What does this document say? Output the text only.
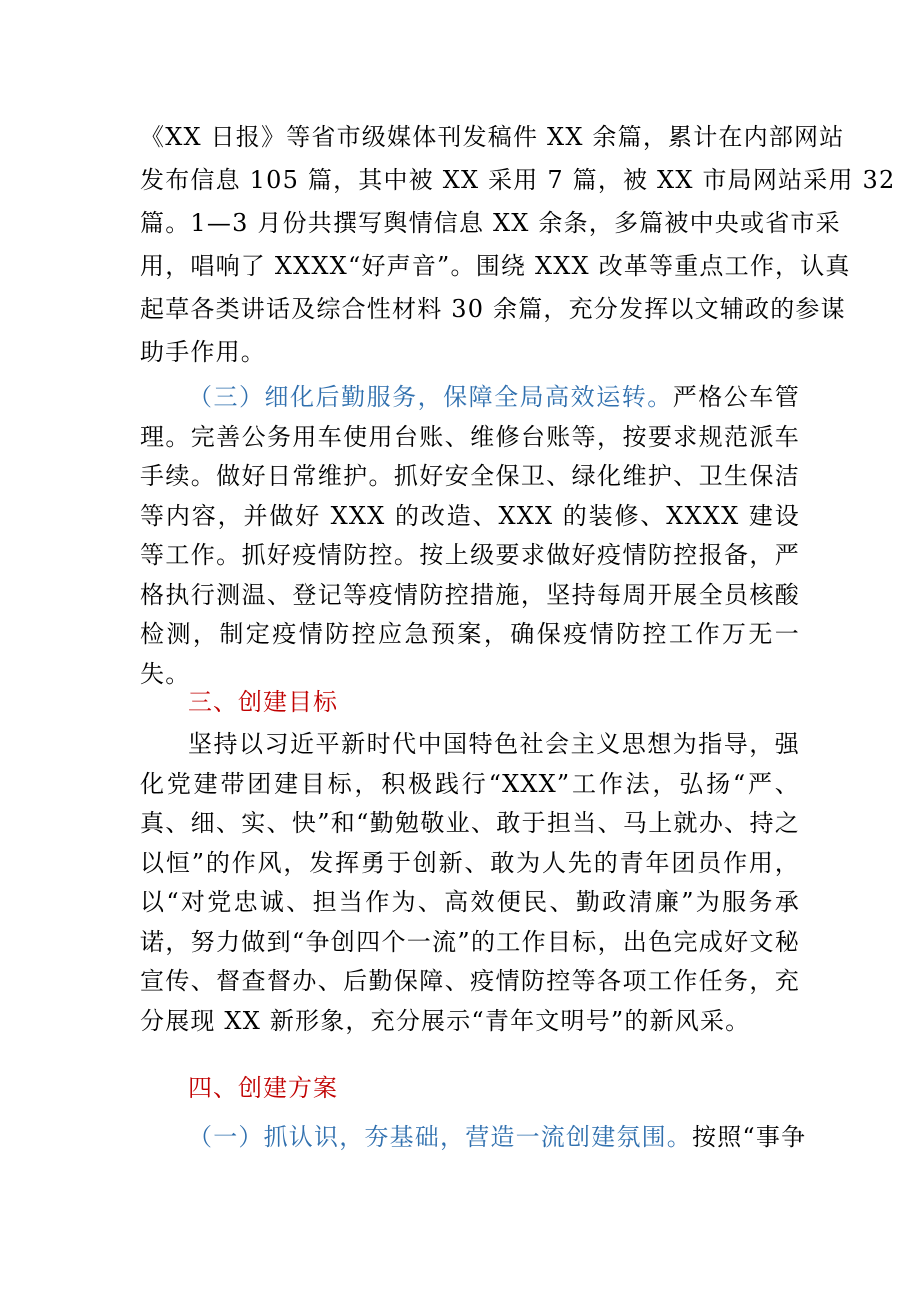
《XX 日报》等省市级媒体刊发稿件 XX 余篇，累计在内部网站
发布信息 105 篇，其中被 XX 采用 7 篇，被 XX 市局网站采用 32
篇。1—3 月份共撰写舆情信息 XX 余条，多篇被中央或省市采
用，唱响了 XXXX“好声音”。围绕 XXX 改革等重点工作，认真
起草各类讲话及综合性材料 30 余篇，充分发挥以文辅政的参谋
助手作用。
（三）细化后勤服务，保障全局高效运转。严格公车管理。完善公务用车使用台账、维修台账等，按要求规范派车手续。做好日常维护。抓好安全保卫、绿化维护、卫生保洁等内容，并做好 XXX 的改造、XXX 的装修、XXXX 建设等工作。抓好疫情防控。按上级要求做好疫情防控报备，严格执行测温、登记等疫情防控措施，坚持每周开展全员核酸检测，制定疫情防控应急预案，确保疫情防控工作万无一失。
三、创建目标
坚持以习近平新时代中国特色社会主义思想为指导，强化党建带团建目标，积极践行“XXX”工作法，弘扬“严、真、细、实、快”和“勤勉敬业、敢于担当、马上就办、持之以恒”的作风，发挥勇于创新、敢为人先的青年团员作用，以“对党忠诚、担当作为、高效便民、勤政清廉”为服务承诺，努力做到“争创四个一流”的工作目标，出色完成好文秘宣传、督查督办、后勤保障、疫情防控等各项工作任务，充分展现 XX 新形象，充分展示“青年文明号”的新风采。
四、创建方案
（一）抓认识，夯基础，营造一流创建氛围。按照“事争
